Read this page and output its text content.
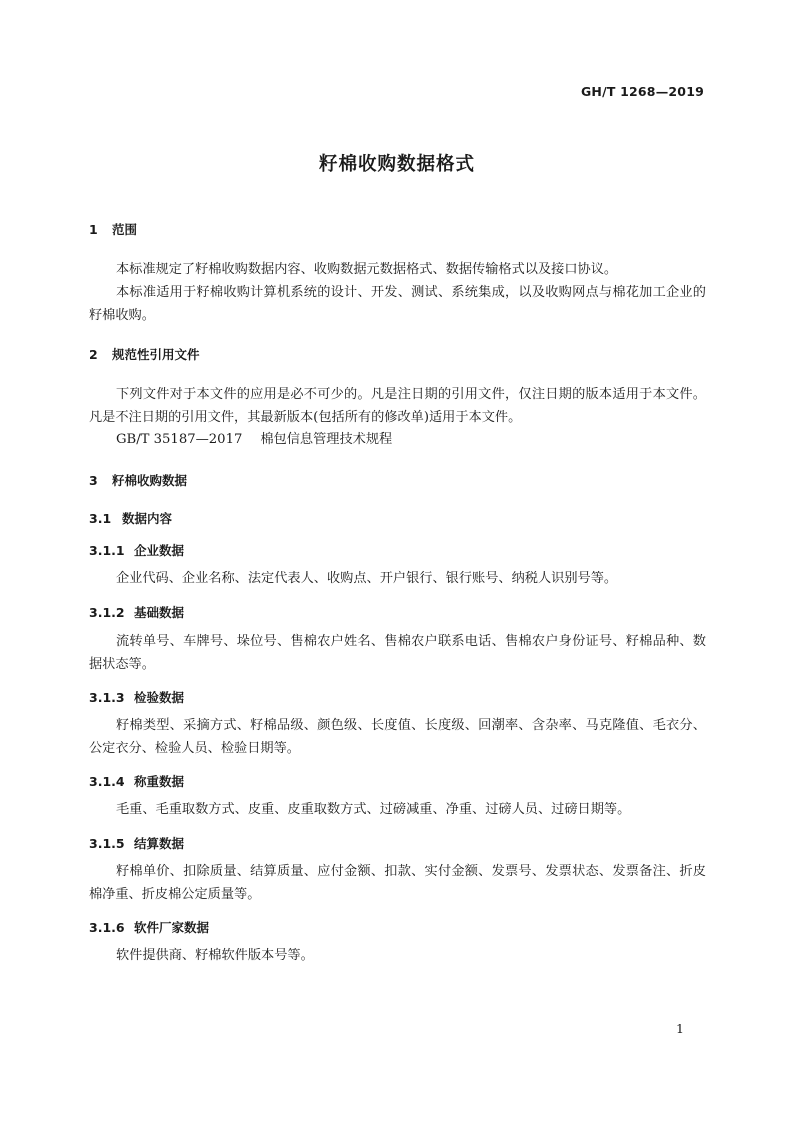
GH/T 1268—2019
籽棉收购数据格式
1 范围
本标准规定了籽棉收购数据内容、收购数据元数据格式、数据传输格式以及接口协议。
本标准适用于籽棉收购计算机系统的设计、开发、测试、系统集成，以及收购网点与棉花加工企业的籽棉收购。
2 规范性引用文件
下列文件对于本文件的应用是必不可少的。凡是注日期的引用文件，仅注日期的版本适用于本文件。凡是不注日期的引用文件，其最新版本(包括所有的修改单)适用于本文件。
GB/T 35187—2017 棉包信息管理技术规程
3 籽棉收购数据
3.1 数据内容
3.1.1 企业数据
企业代码、企业名称、法定代表人、收购点、开户银行、银行账号、纳税人识别号等。
3.1.2 基础数据
流转单号、车牌号、垛位号、售棉农户姓名、售棉农户联系电话、售棉农户身份证号、籽棉品种、数据状态等。
3.1.3 检验数据
籽棉类型、采摘方式、籽棉品级、颜色级、长度值、长度级、回潮率、含杂率、马克隆值、毛衣分、公定衣分、检验人员、检验日期等。
3.1.4 称重数据
毛重、毛重取数方式、皮重、皮重取数方式、过磅减重、净重、过磅人员、过磅日期等。
3.1.5 结算数据
籽棉单价、扣除质量、结算质量、应付金额、扣款、实付金额、发票号、发票状态、发票备注、折皮棉净重、折皮棉公定质量等。
3.1.6 软件厂家数据
软件提供商、籽棉软件版本号等。
1
